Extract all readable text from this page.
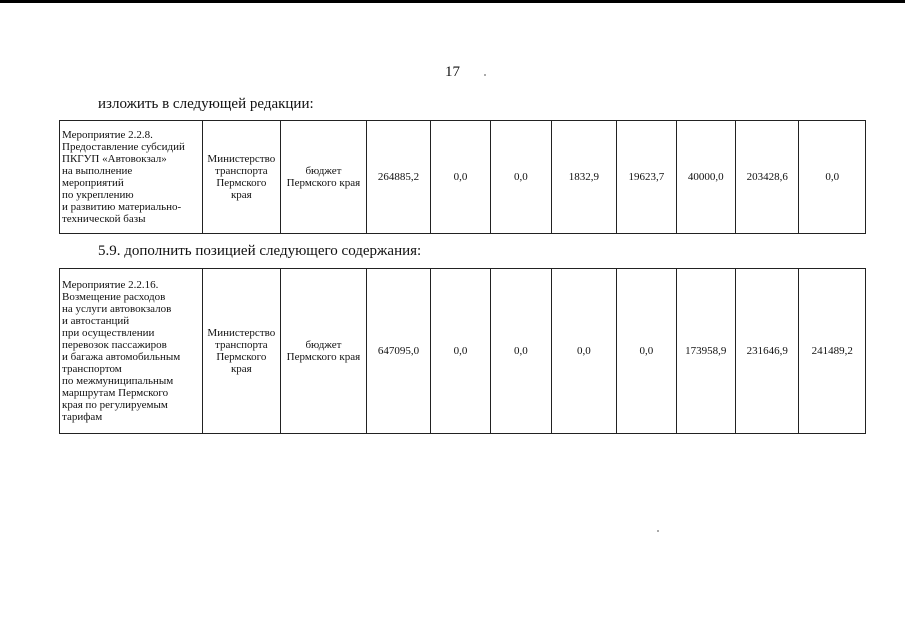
17
изложить в следующей редакции:
Мероприятие 2.2.8.
Предоставление субсидий
ПКГУП «Автовокзал»
на выполнение
мероприятий
по укреплению
и развитию материально-
технической базы	Министерство
транспорта
Пермского
края	бюджет
Пермского края	264885,2	0,0	0,0	1832,9	19623,7	40000,0	203428,6	0,0
5.9. дополнить позицией следующего содержания:
Мероприятие 2.2.16.
Возмещение расходов
на услуги автовокзалов
и автостанций
при осуществлении
перевозок пассажиров
и багажа автомобильным
транспортом
по межмуниципальным
маршрутам Пермского
края по регулируемым
тарифам	Министерство
транспорта
Пермского
края	бюджет
Пермского края	647095,0	0,0	0,0	0,0	0,0	173958,9	231646,9	241489,2
